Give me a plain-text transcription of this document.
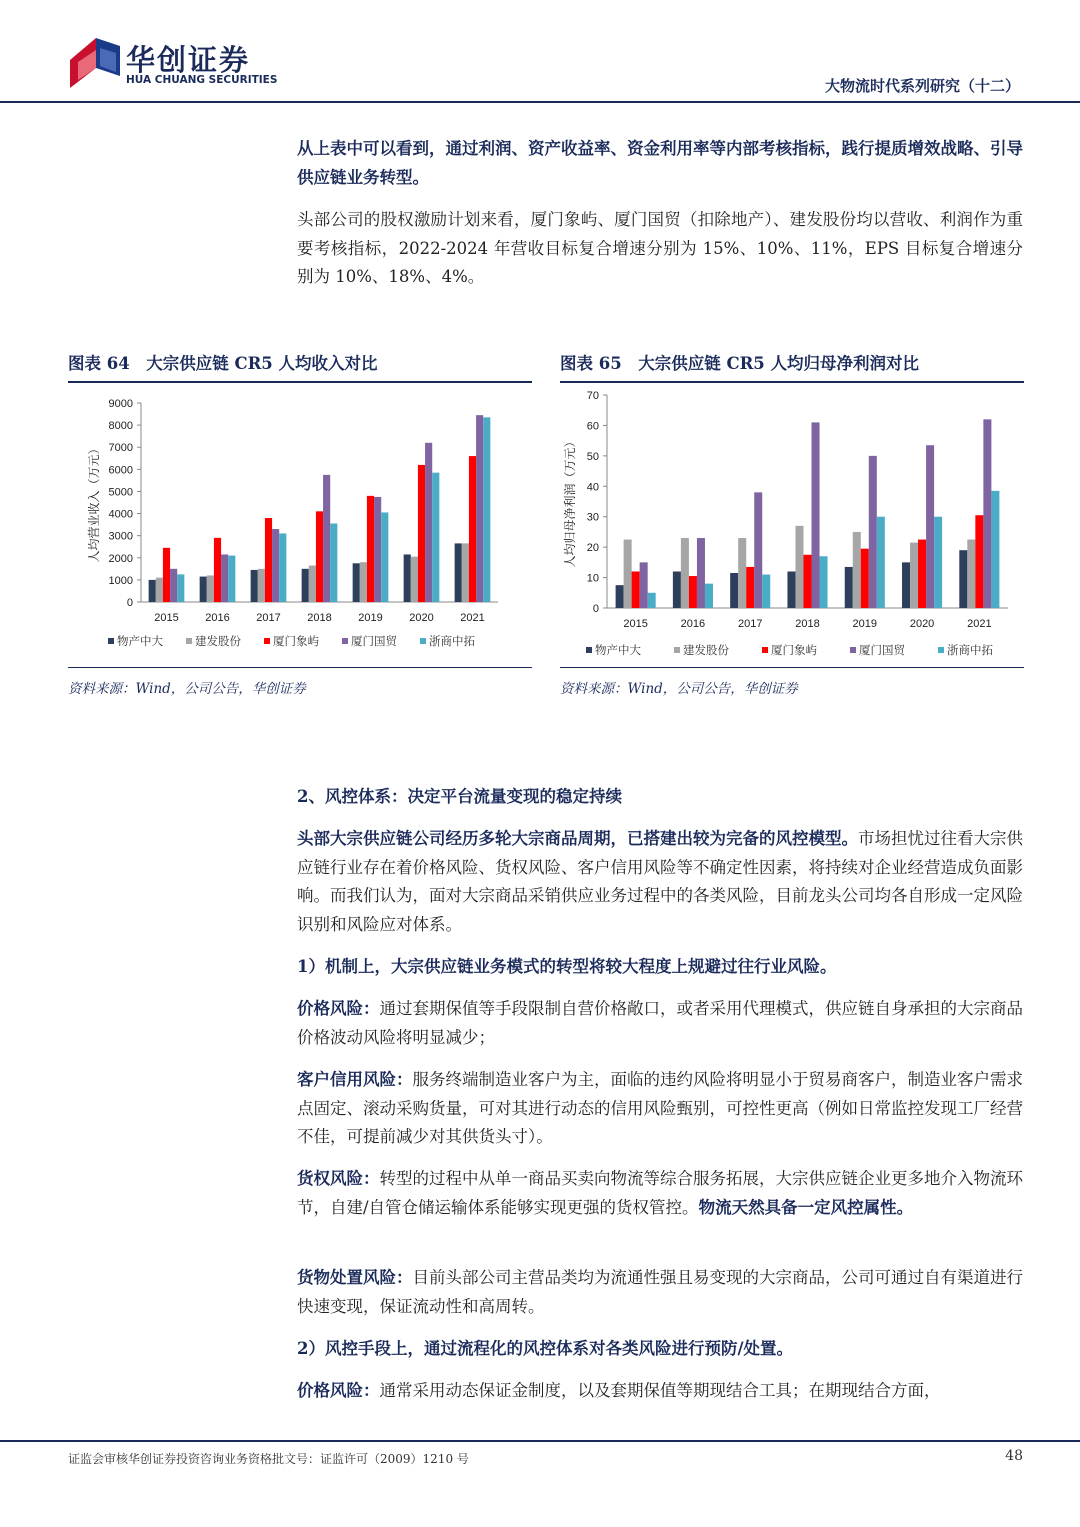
华创证券
HUA CHUANG SECURITIES	大物流时代系列研究（十二）

从上表中可以看到，通过利润、资产收益率、资金利用率等内部考核指标，践行提质增效战略、引导供应链业务转型。

头部公司的股权激励计划来看，厦门象屿、厦门国贸（扣除地产）、建发股份均以营收、利润作为重要考核指标，2022-2024 年营收目标复合增速分别为 15%、10%、11%，EPS 目标复合增速分别为 10%、18%、4%。

图表 64　大宗供应链 CR5 人均收入对比
0
1000
2000
3000
4000
5000
6000
7000
8000
9000
人均营业收入（万元）
2015 2016 2017 2018 2019 2020 2021
物产中大	建发股份	厦门象屿	厦门国贸	浙商中拓
资料来源：Wind，公司公告，华创证券
图表 65　大宗供应链 CR5 人均归母净利润对比
0
10
20
30
40
50
60
70
人均归母净利润（万元）
2015	2016	2017	2018	2019	2020	2021
物产中大	建发股份	厦门象屿	厦门国贸	浙商中拓
资料来源：Wind，公司公告，华创证券

2、风控体系：决定平台流量变现的稳定持续

头部大宗供应链公司经历多轮大宗商品周期，已搭建出较为完备的风控模型。市场担忧过往看大宗供应链行业存在着价格风险、货权风险、客户信用风险等不确定性因素，将持续对企业经营造成负面影响。而我们认为，面对大宗商品采销供应业务过程中的各类风险，目前龙头公司均各自形成一定风险识别和风险应对体系。

1）机制上，大宗供应链业务模式的转型将较大程度上规避过往行业风险。

价格风险：通过套期保值等手段限制自营价格敞口，或者采用代理模式，供应链自身承担的大宗商品价格波动风险将明显减少；

客户信用风险：服务终端制造业客户为主，面临的违约风险将明显小于贸易商客户，制造业客户需求点固定、滚动采购货量，可对其进行动态的信用风险甄别，可控性更高（例如日常监控发现工厂经营不佳，可提前减少对其供货头寸）。

货权风险：转型的过程中从单一商品买卖向物流等综合服务拓展，大宗供应链企业更多地介入物流环节，自建/自管仓储运输体系能够实现更强的货权管控。物流天然具备一定风控属性。

货物处置风险：目前头部公司主营品类均为流通性强且易变现的大宗商品，公司可通过自有渠道进行快速变现，保证流动性和高周转。

2）风控手段上，通过流程化的风控体系对各类风险进行预防/处置。

价格风险：通常采用动态保证金制度，以及套期保值等期现结合工具；在期现结合方面，

证监会审核华创证券投资咨询业务资格批文号：证监许可（2009）1210 号	48
